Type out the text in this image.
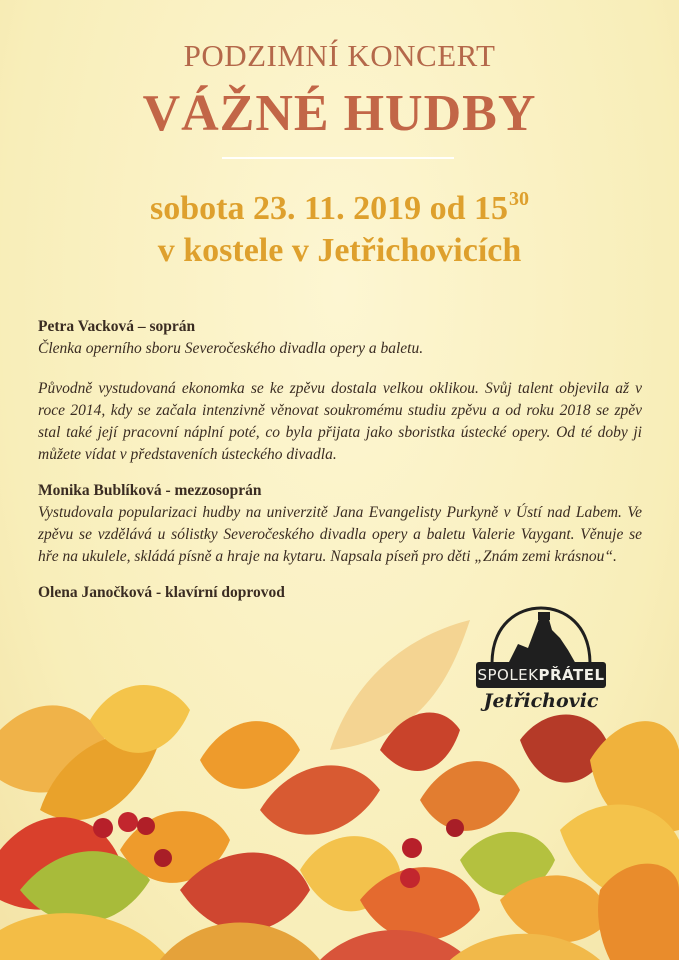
PODZIMNÍ KONCERT
VÁŽNÉ HUDBY
sobota 23. 11. 2019 od $15^{30}$
v kostele v Jetřichovicích
Petra Vacková – soprán
Členka operního sboru Severočeského divadla opery a baletu.
Původně vystudovaná ekonomka se ke zpěvu dostala velkou oklikou. Svůj talent objevila až v roce 2014, kdy se začala intenzivně věnovat soukromému studiu zpěvu a od roku 2018 se zpěv stal také její pracovní náplní poté, co byla přijata jako sboristka ústecké opery. Od té doby ji můžete vídat v představeních ústeckého divadla.
Monika Bublíková - mezzosoprán
Vystudovala popularizaci hudby na univerzitě Jana Evangelisty Purkyně v Ústí nad Labem. Ve zpěvu se vzdělává u sólistky Severočeského divadla opery a baletu Valerie Vaygant. Věnuje se hře na ukulele, skládá písně a hraje na kytaru. Napsala píseň pro děti „Znám zemi krásnou“.
Olena Janočková - klavírní doprovod
SPOLEKPŘÁTEL
Jetřichovic
